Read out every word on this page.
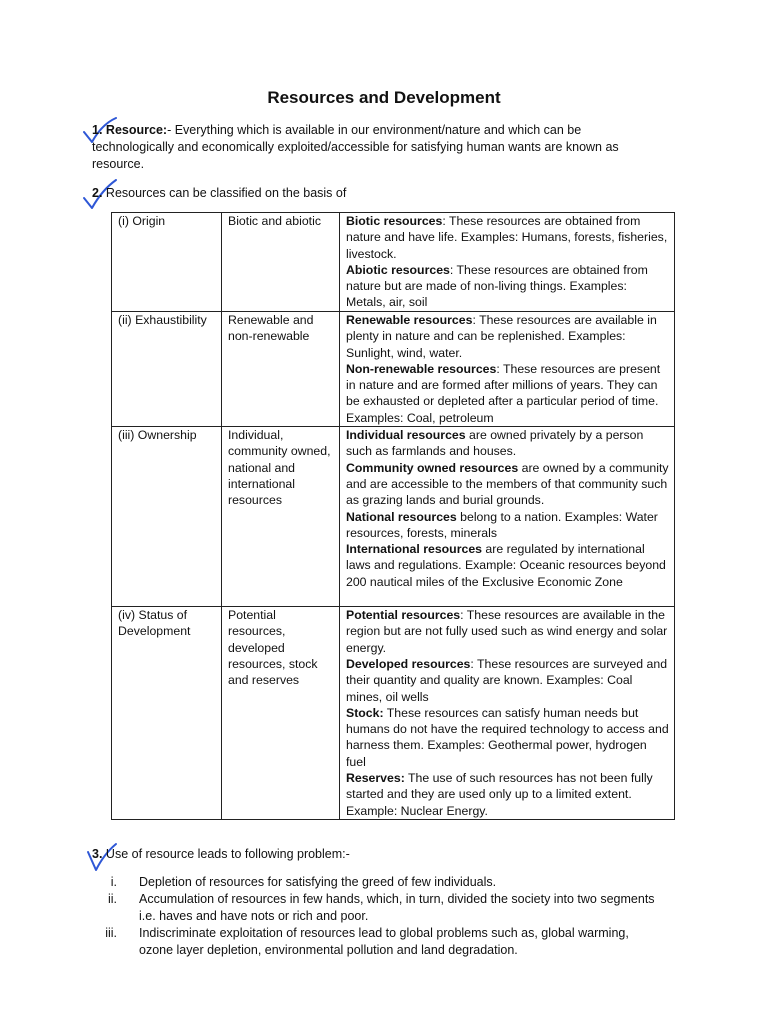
Resources and Development
1. Resource:- Everything which is available in our environment/nature and which can be technologically and economically exploited/accessible for satisfying human wants are known as resource.
2. Resources can be classified on the basis of
(i) Origin	Biotic and abiotic	Biotic resources: These resources are obtained from nature and have life. Examples: Humans, forests, fisheries, livestock.

Abiotic resources: These resources are obtained from nature but are made of non-living things. Examples: Metals, air, soil

(ii) Exhaustibility	Renewable and non-renewable	Renewable resources: These resources are available in plenty in nature and can be replenished. Examples: Sunlight, wind, water.

Non-renewable resources: These resources are present in nature and are formed after millions of years. They can be exhausted or depleted after a particular period of time. Examples: Coal, petroleum

(iii) Ownership	Individual, community owned, national and international resources	Individual resources are owned privately by a person such as farmlands and houses.

Community owned resources are owned by a community and are accessible to the members of that community such as grazing lands and burial grounds.

National resources belong to a nation. Examples: Water resources, forests, minerals

International resources are regulated by international laws and regulations. Example: Oceanic resources beyond 200 nautical miles of the Exclusive Economic Zone

(iv) Status of Development	Potential resources, developed resources, stock and reserves	Potential resources: These resources are available in the region but are not fully used such as wind energy and solar energy.

Developed resources: These resources are surveyed and their quantity and quality are known. Examples: Coal mines, oil wells

Stock: These resources can satisfy human needs but humans do not have the required technology to access and harness them. Examples: Geothermal power, hydrogen fuel

Reserves: The use of such resources has not been fully started and they are used only up to a limited extent. Example: Nuclear Energy.

3. Use of resource leads to following problem:-
i. Depletion of resources for satisfying the greed of few individuals.
ii. Accumulation of resources in few hands, which, in turn, divided the society into two segments i.e. haves and have nots or rich and poor.
iii. Indiscriminate exploitation of resources lead to global problems such as, global warming, ozone layer depletion, environmental pollution and land degradation.
